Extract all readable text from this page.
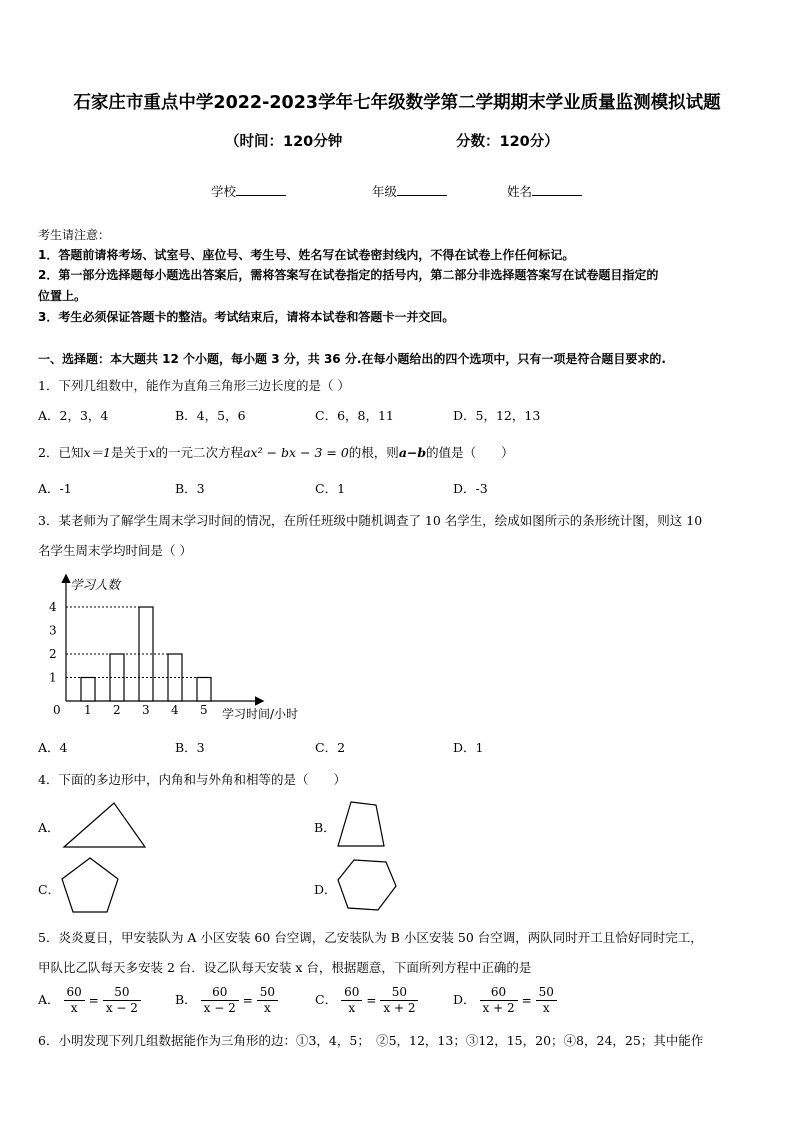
石家庄市重点中学2022-2023学年七年级数学第二学期期末学业质量监测模拟试题
（时间：120分钟	分数：120分）
学校	年级	姓名
考生请注意：
1．答题前请将考场、试室号、座位号、考生号、姓名写在试卷密封线内，不得在试卷上作任何标记。
2．第一部分选择题每小题选出答案后，需将答案写在试卷指定的括号内，第二部分非选择题答案写在试卷题目指定的
位置上。
3．考生必须保证答题卡的整洁。考试结束后，请将本试卷和答题卡一并交回。
一、选择题：本大题共 12 个小题，每小题 3 分，共 36 分.在每小题给出的四个选项中，只有一项是符合题目要求的.
1．下列几组数中，能作为直角三角形三边长度的是（ ）
A．2，3，4	B．4，5，6	C．6，8，11	D．5，12，13
2．已知x＝1是关于x的一元二次方程ax² − bx − 3 = 0的根，则a−b的值是（　　）
A．-1	B．3	C．1	D．-3
3．某老师为了解学生周末学习时间的情况，在所任班级中随机调查了 10 名学生，绘成如图所示的条形统计图，则这 10
名学生周末学均时间是（ ）
学习人数
学习时间/小时
0
1
2
3
4
1 2 3 4 5
A．4	B．3	C．2	D．1
4．下面的多边形中，内角和与外角和相等的是（　　）
A．	B．
C．	D．
5．炎炎夏日，甲安装队为 A 小区安装 60 台空调，乙安装队为 B 小区安装 50 台空调，两队同时开工且恰好同时完工，
甲队比乙队每天多安装 2 台．设乙队每天安装 x 台，根据题意，下面所列方程中正确的是
A． $\frac{60}{x} = \frac{50}{x - 2}$	B． $\frac{60}{x - 2} = \frac{50}{x}$	C． $\frac{60}{x} = \frac{50}{x + 2}$	D． $\frac{60}{x + 2} = \frac{50}{x}$
6．小明发现下列几组数据能作为三角形的边：①3，4，5；　②5，12，13；③12，15，20；④8，24，25；其中能作
